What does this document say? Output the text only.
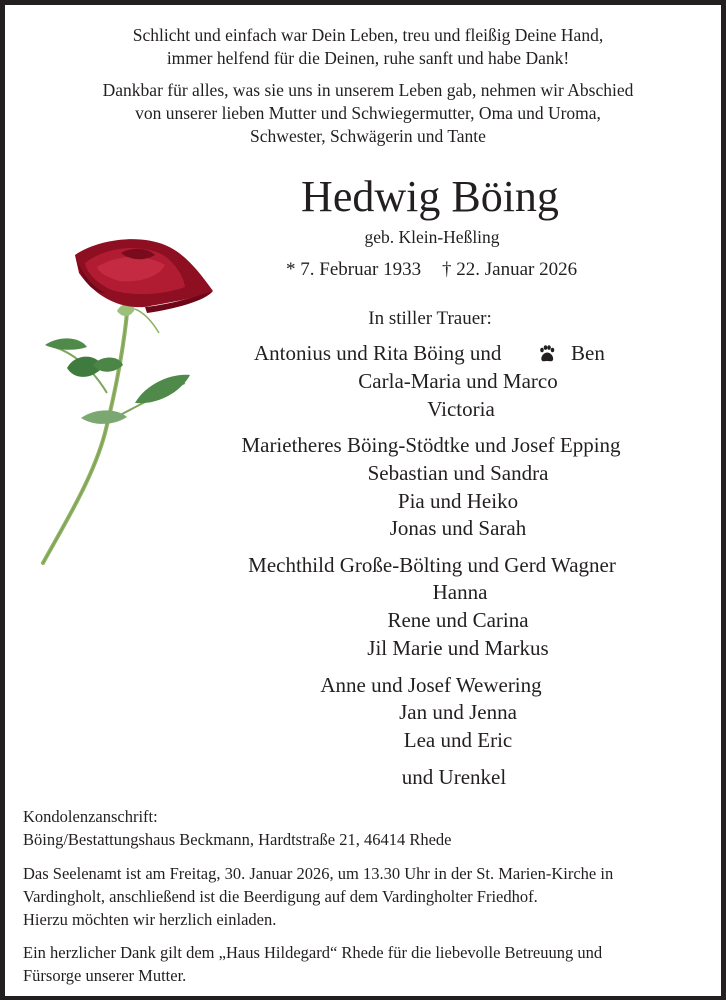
Schlicht und einfach war Dein Leben, treu und fleißig Deine Hand,
immer helfend für die Deinen, ruhe sanft und habe Dank!
Dankbar für alles, was sie uns in unserem Leben gab, nehmen wir Abschied
von unserer lieben Mutter und Schwiegermutter, Oma und Uroma,
Schwester, Schwägerin und Tante
Hedwig Böing
geb. Klein-Heßling
* 7. Februar 1933 † 22. Januar 2026
In stiller Trauer:
Antonius und Rita Böing und	Ben
Carla-Maria und Marco
Victoria
Marietheres Böing-Stödtke und Josef Epping
Sebastian und Sandra
Pia und Heiko
Jonas und Sarah
Mechthild Große-Bölting und Gerd Wagner
Hanna
Rene und Carina
Jil Marie und Markus
Anne und Josef Wewering
Jan und Jenna
Lea und Eric
und Urenkel
Kondolenzanschrift:
Böing/Bestattungshaus Beckmann, Hardtstraße 21, 46414 Rhede
Das Seelenamt ist am Freitag, 30. Januar 2026, um 13.30 Uhr in der St. Marien-Kirche in
Vardingholt, anschließend ist die Beerdigung auf dem Vardingholter Friedhof.
Hierzu möchten wir herzlich einladen.
Ein herzlicher Dank gilt dem „Haus Hildegard“ Rhede für die liebevolle Betreuung und
Fürsorge unserer Mutter.
